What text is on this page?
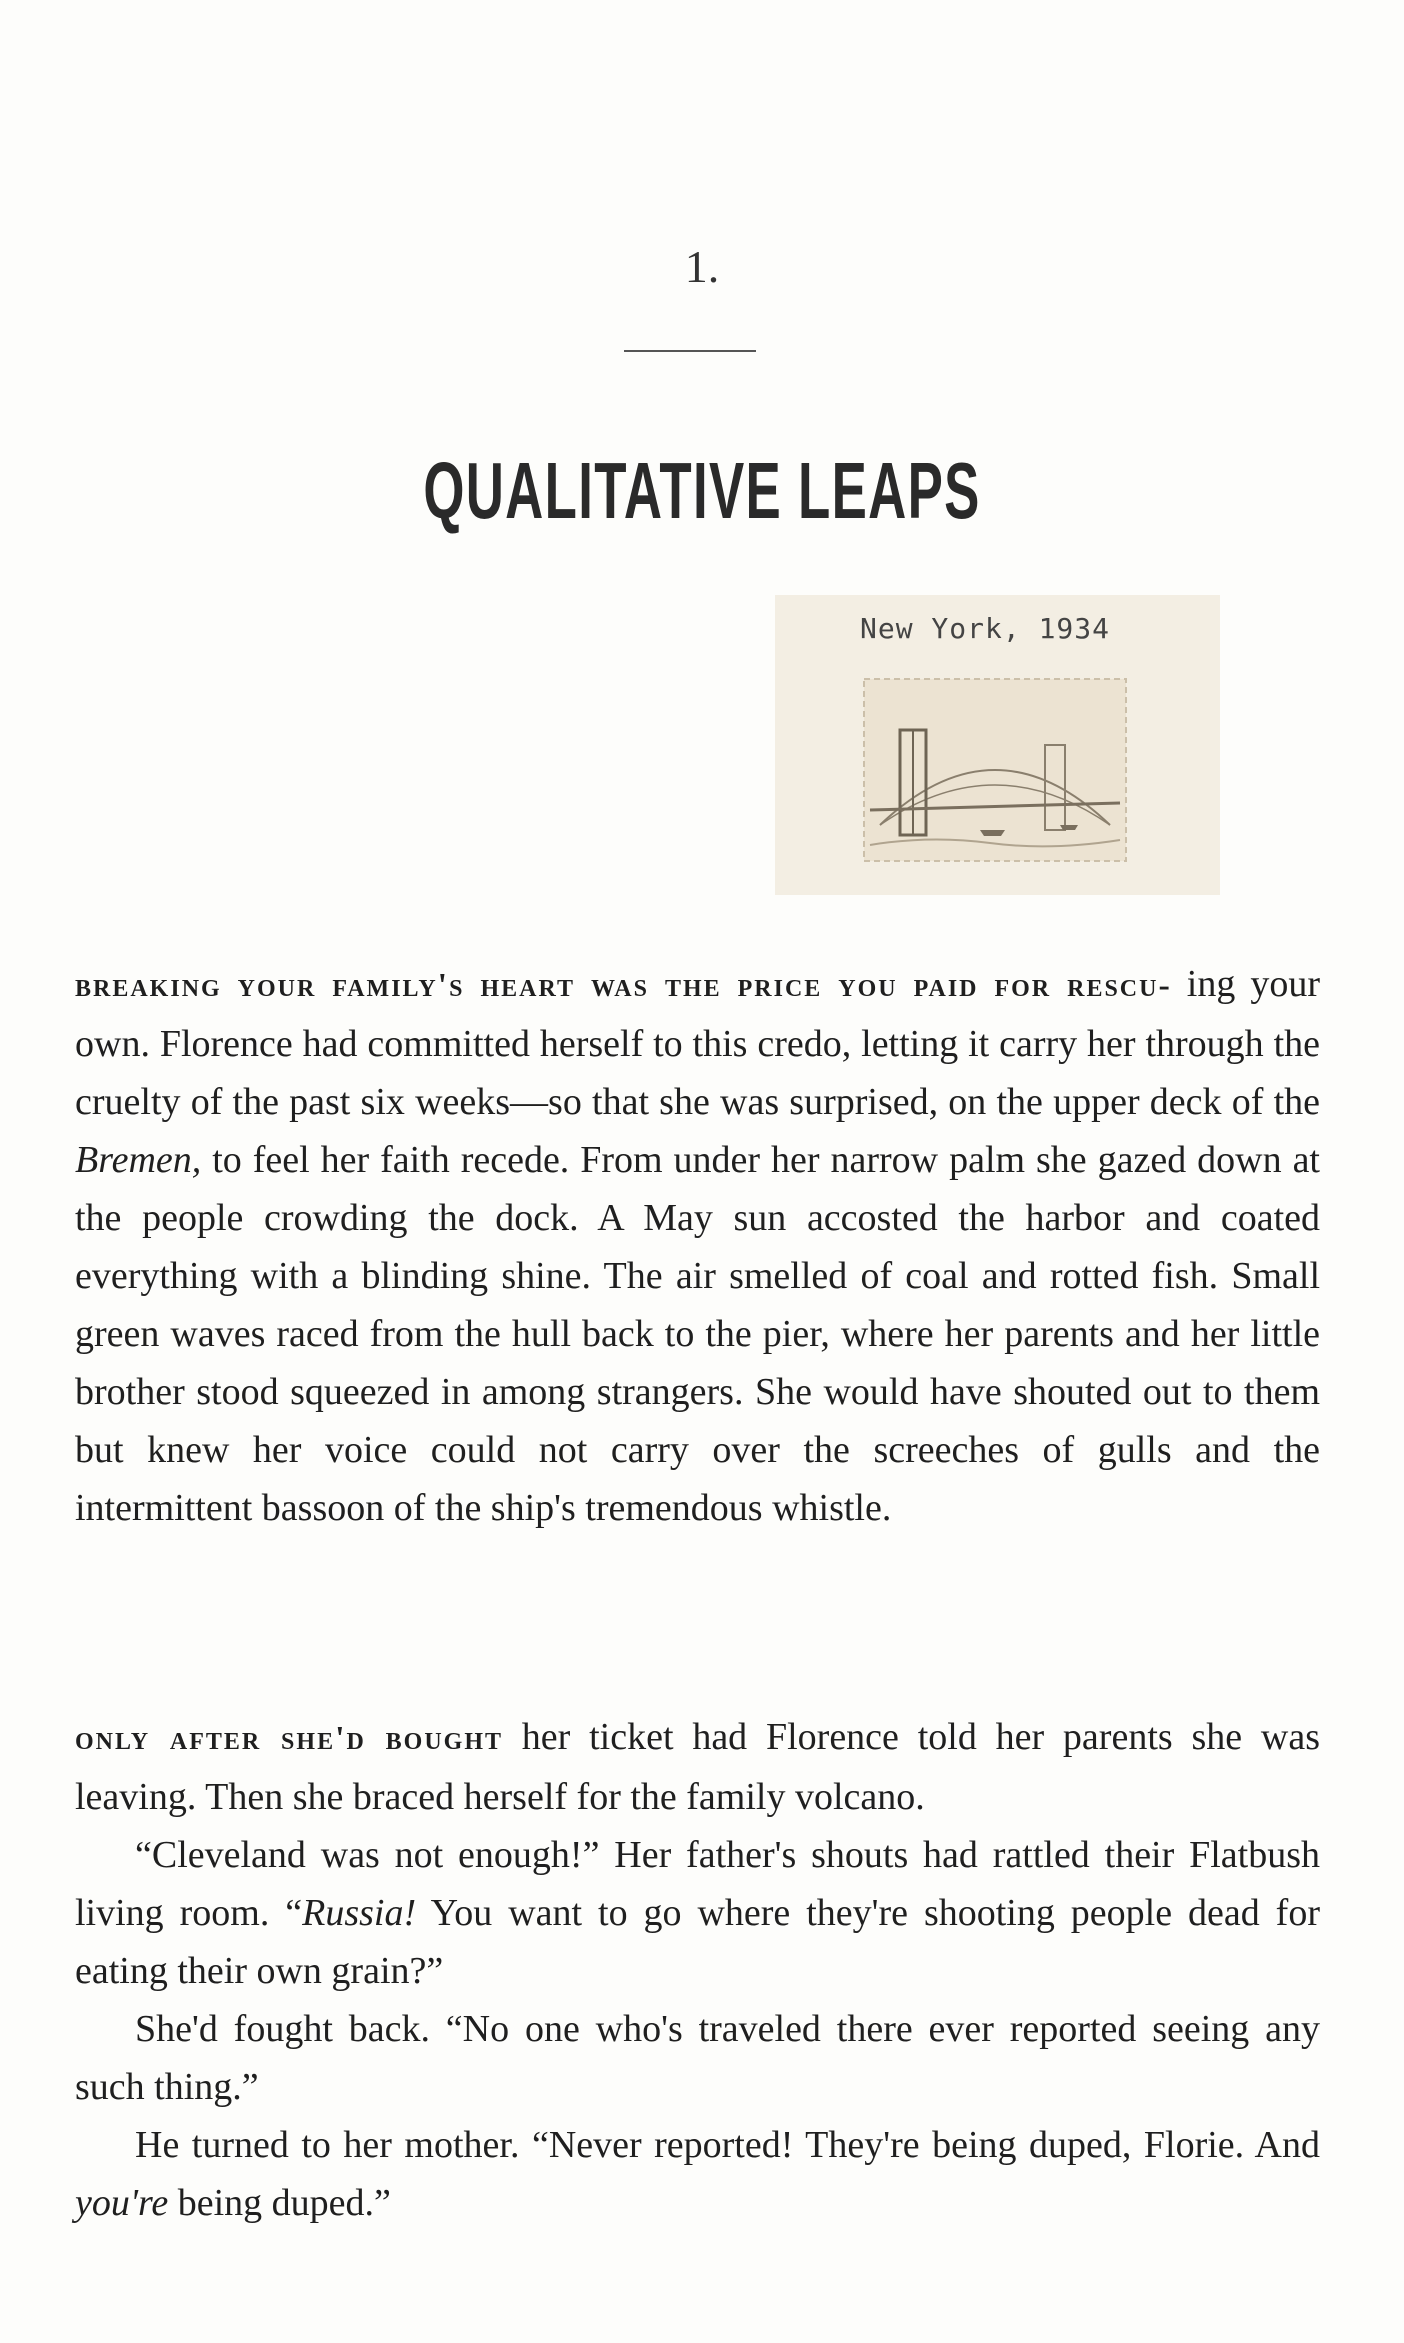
1.
QUALITATIVE LEAPS
New York, 1934

breaking your family's heart was the price you paid for rescu- ing your own. Florence had committed herself to this credo, letting it carry her through the cruelty of the past six weeks—so that she was surprised, on the upper deck of the Bremen, to feel her faith recede. From under her narrow palm she gazed down at the people crowding the dock. A May sun accosted the harbor and coated everything with a blinding shine. The air smelled of coal and rotted fish. Small green waves raced from the hull back to the pier, where her parents and her little brother stood squeezed in among strangers. She would have shouted out to them but knew her voice could not carry over the screeches of gulls and the intermittent bassoon of the ship's tremendous whistle.

only after she'd bought her ticket had Florence told her parents she was leaving. Then she braced herself for the family volcano.

“Cleveland was not enough!” Her father's shouts had rattled their Flatbush living room. “Russia! You want to go where they're shooting people dead for eating their own grain?”

She'd fought back. “No one who's traveled there ever reported seeing any such thing.”

He turned to her mother. “Never reported! They're being duped, Florie. And you're being duped.”
